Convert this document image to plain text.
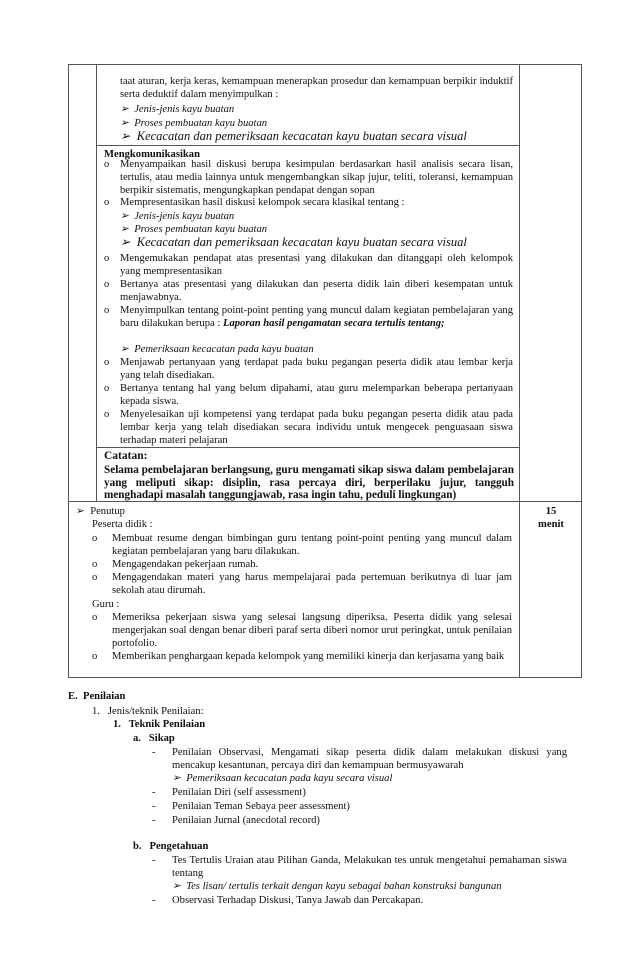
taat aturan, kerja keras, kemampuan menerapkan prosedur dan kemampuan berpikir induktif serta deduktif dalam menyimpulkan :
➢  Jenis-jenis kayu buatan
➢  Proses pembuatan kayu buatan
➢  Kecacatan dan pemeriksaan kecacatan kayu buatan secara visual
Mengkomunikasikan
o Menyampaikan hasil diskusi berupa kesimpulan berdasarkan hasil analisis secara lisan, tertulis, atau media lainnya untuk mengembangkan sikap jujur, teliti, toleransi, kemampuan berpikir sistematis, mengungkapkan pendapat dengan sopan
o Mempresentasikan hasil diskusi kelompok secara klasikal tentang :
➢  Jenis-jenis kayu buatan
➢  Proses pembuatan kayu buatan
➢  Kecacatan dan pemeriksaan kecacatan kayu buatan secara visual
o Mengemukakan pendapat atas presentasi yang dilakukan dan ditanggapi oleh kelompok yang mempresentasikan
o Bertanya atas presentasi yang dilakukan dan peserta didik lain diberi kesempatan untuk menjawabnya.
o Menyimpulkan tentang point-point penting yang muncul dalam kegiatan pembelajaran yang baru dilakukan berupa : Laporan hasil pengamatan secara tertulis tentang;
➢  Pemeriksaan kecacatan pada kayu buatan
o Menjawab pertanyaan yang terdapat pada buku pegangan peserta didik atau lembar kerja yang telah disediakan.
o Bertanya tentang hal yang belum dipahami, atau guru melemparkan beberapa pertanyaan kepada siswa.
o Menyelesaikan uji kompetensi yang terdapat pada buku pegangan peserta didik atau pada lembar kerja yang telah disediakan secara individu untuk mengecek penguasaan siswa terhadap materi pelajaran
Catatan:
Selama pembelajaran berlangsung, guru mengamati sikap siswa dalam pembelajaran yang meliputi sikap: disiplin, rasa percaya diri, berperilaku jujur, tangguh menghadapi masalah tanggungjawab, rasa ingin tahu, peduli lingkungan)
➢  Penutup	15
menit
Peserta didik :
o Membuat resume dengan bimbingan guru tentang point-point penting yang muncul dalam kegiatan pembelajaran yang baru dilakukan.
o Mengagendakan pekerjaan rumah.
o Mengagendakan materi yang harus mempelajarai pada pertemuan berikutnya di luar jam sekolah atau dirumah.
Guru :
o Memeriksa pekerjaan siswa yang selesai langsung diperiksa. Peserta didik yang selesai mengerjakan soal dengan benar diberi paraf serta diberi nomor urut peringkat, untuk penilaian portofolio.
o Memberikan penghargaan kepada kelompok yang memiliki kinerja dan kerjasama yang baik
E.  Penilaian
1.   Jenis/teknik Penilaian:
1.   Teknik Penilaian
a.   Sikap
- Penilaian Observasi, Mengamati sikap peserta didik dalam melakukan diskusi yang mencakup kesantunan, percaya diri dan kemampuan bermusyawarah
➢  Pemeriksaan kecacatan pada kayu secara visual
- Penilaian Diri (self assessment)
- Penilaian Teman Sebaya peer assessment)
- Penilaian Jurnal (anecdotal record)
b.   Pengetahuan
- Tes Tertulis Uraian atau Pilihan Ganda, Melakukan tes untuk mengetahui pemahaman siswa tentang
➢  Tes lisan/ tertulis terkait dengan kayu sebagai bahan konstruksi bangunan
- Observasi Terhadap Diskusi, Tanya Jawab dan Percakapan.
